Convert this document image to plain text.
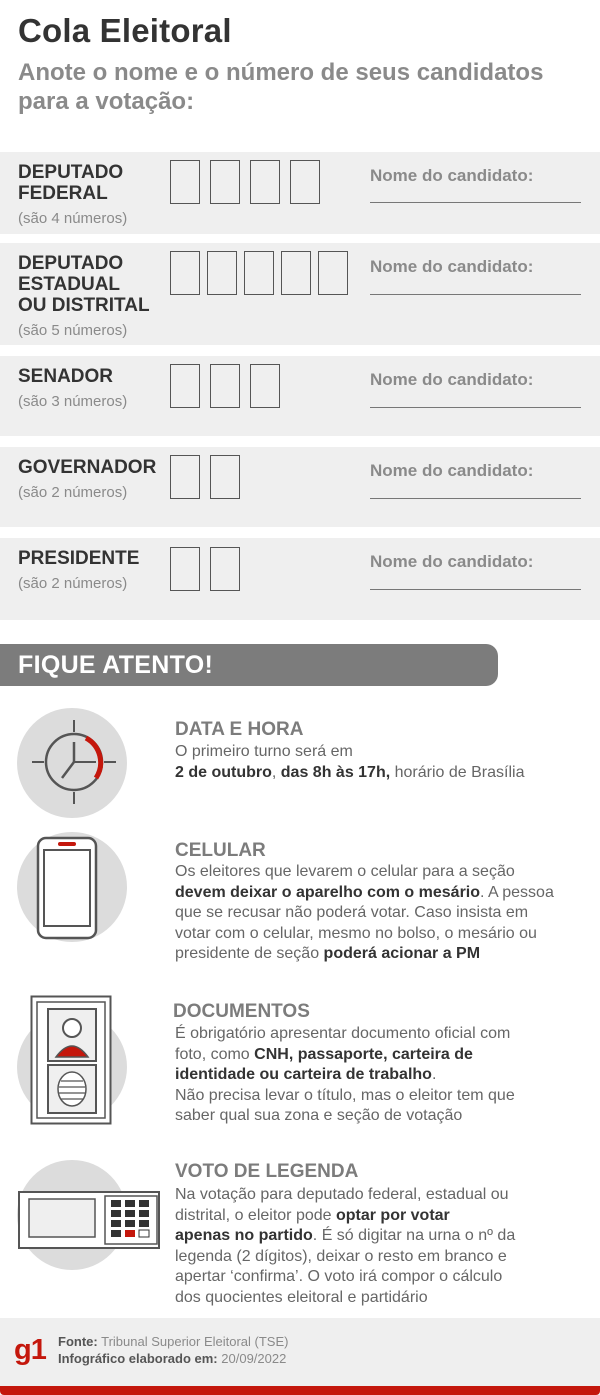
Cola Eleitoral
Anote o nome e o número de seus candidatos para a votação:
DEPUTADO
FEDERAL
(são 4 números)
Nome do candidato:
DEPUTADO
ESTADUAL
OU DISTRITAL
(são 5 números)
Nome do candidato:
SENADOR
(são 3 números)
Nome do candidato:
GOVERNADOR
(são 2 números)
Nome do candidato:
PRESIDENTE
(são 2 números)
Nome do candidato:
FIQUE ATENTO!
DATA E HORA
O primeiro turno será em
2 de outubro, das 8h às 17h, horário de Brasília
CELULAR
Os eleitores que levarem o celular para a seção
devem deixar o aparelho com o mesário. A pessoa
que se recusar não poderá votar. Caso insista em
votar com o celular, mesmo no bolso, o mesário ou
presidente de seção poderá acionar a PM
DOCUMENTOS
É obrigatório apresentar documento oficial com
foto, como CNH, passaporte, carteira de
identidade ou carteira de trabalho.
Não precisa levar o título, mas o eleitor tem que
saber qual sua zona e seção de votação
VOTO DE LEGENDA
Na votação para deputado federal, estadual ou
distrital, o eleitor pode optar por votar
apenas no partido. É só digitar na urna o nº da
legenda (2 dígitos), deixar o resto em branco e
apertar ‘confirma’. O voto irá compor o cálculo
dos quocientes eleitoral e partidário
g1 Fonte: Tribunal Superior Eleitoral (TSE)
Infográfico elaborado em: 20/09/2022
